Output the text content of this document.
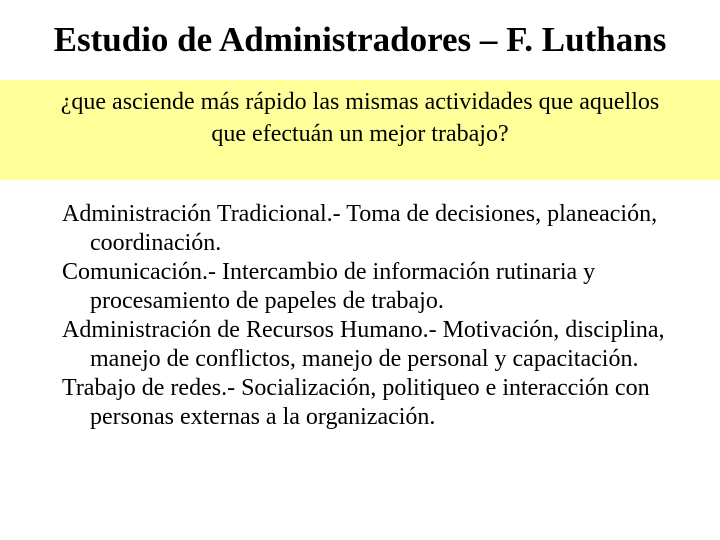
Estudio de Administradores – F. Luthans
¿que asciende más rápido las mismas actividades que aquellos
que efectuán un mejor trabajo?
Administración Tradicional.- Toma de decisiones, planeación, coordinación.
Comunicación.- Intercambio de información rutinaria y procesamiento de papeles de trabajo.
Administración de Recursos Humano.- Motivación, disciplina, manejo de conflictos, manejo de personal y capacitación.
Trabajo de redes.- Socialización, politiqueo e interacción con personas externas a la organización.
